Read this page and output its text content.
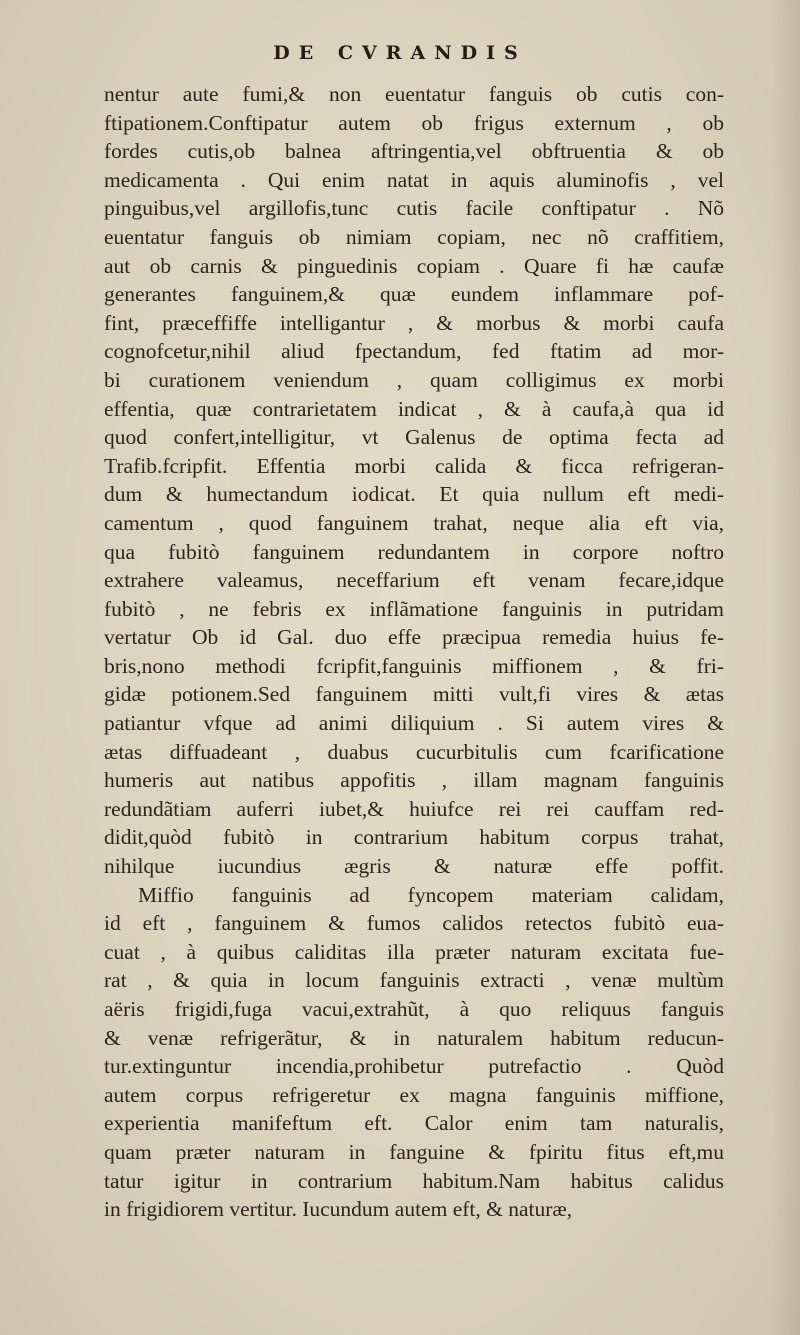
DE CVRANDIS
nentur aute fumi,& non euentatur fanguis ob cutis con-
ftipationem.Conftipatur autem ob frigus externum , ob
fordes cutis,ob balnea aftringentia,vel obftruentia & ob
medicamenta . Qui enim natat in aquis aluminofis , vel
pinguibus,vel argillofis,tunc cutis facile conftipatur . Nõ
euentatur fanguis ob nimiam copiam, nec nõ craffitiem,
aut ob carnis & pinguedinis copiam . Quare fi hæ caufæ
generantes fanguinem,& quæ eundem inflammare pof-
fint, præceffiffe intelligantur , & morbus & morbi caufa
cognofcetur,nihil aliud fpectandum, fed ftatim ad mor-
bi curationem veniendum , quam colligimus ex morbi
effentia, quæ contrarietatem indicat , & à caufa,à qua id
quod confert,intelligitur, vt Galenus de optima fecta ad
Trafib.fcripfit. Effentia morbi calida & ficca refrigeran-
dum & humectandum iodicat. Et quia nullum eft medi-
camentum , quod fanguinem trahat, neque alia eft via,
qua fubitò fanguinem redundantem in corpore noftro
extrahere valeamus, neceffarium eft venam fecare,idque
fubitò , ne febris ex inflãmatione fanguinis in putridam
vertatur Ob id Gal. duo effe præcipua remedia huius fe-
bris,nono methodi fcripfit,fanguinis miffionem , & fri-
gidæ potionem.Sed fanguinem mitti vult,fi vires & ætas
patiantur vfque ad animi diliquium . Si autem vires &
ætas diffuadeant , duabus cucurbitulis cum fcarificatione
humeris aut natibus appofitis , illam magnam fanguinis
redundãtiam auferri iubet,& huiufce rei rei cauffam red-
didit,quòd fubitò in contrarium habitum corpus trahat,
nihilque iucundius ægris & naturæ effe poffit.
Miffio fanguinis ad fyncopem materiam calidam,
id eft , fanguinem & fumos calidos retectos fubitò eua-
cuat , à quibus caliditas illa præter naturam excitata fue-
rat , & quia in locum fanguinis extracti , venæ multùm
aëris frigidi,fuga vacui,extrahũt, à quo reliquus fanguis
& venæ refrigerãtur, & in naturalem habitum reducun-
tur.extinguntur incendia,prohibetur putrefactio . Quòd
autem corpus refrigeretur ex magna fanguinis miffione,
experientia manifeftum eft. Calor enim tam naturalis,
quam præter naturam in fanguine & fpiritu fitus eft,mu
tatur igitur in contrarium habitum.Nam habitus calidus
in frigidiorem vertitur. Iucundum autem eft, & naturæ,
